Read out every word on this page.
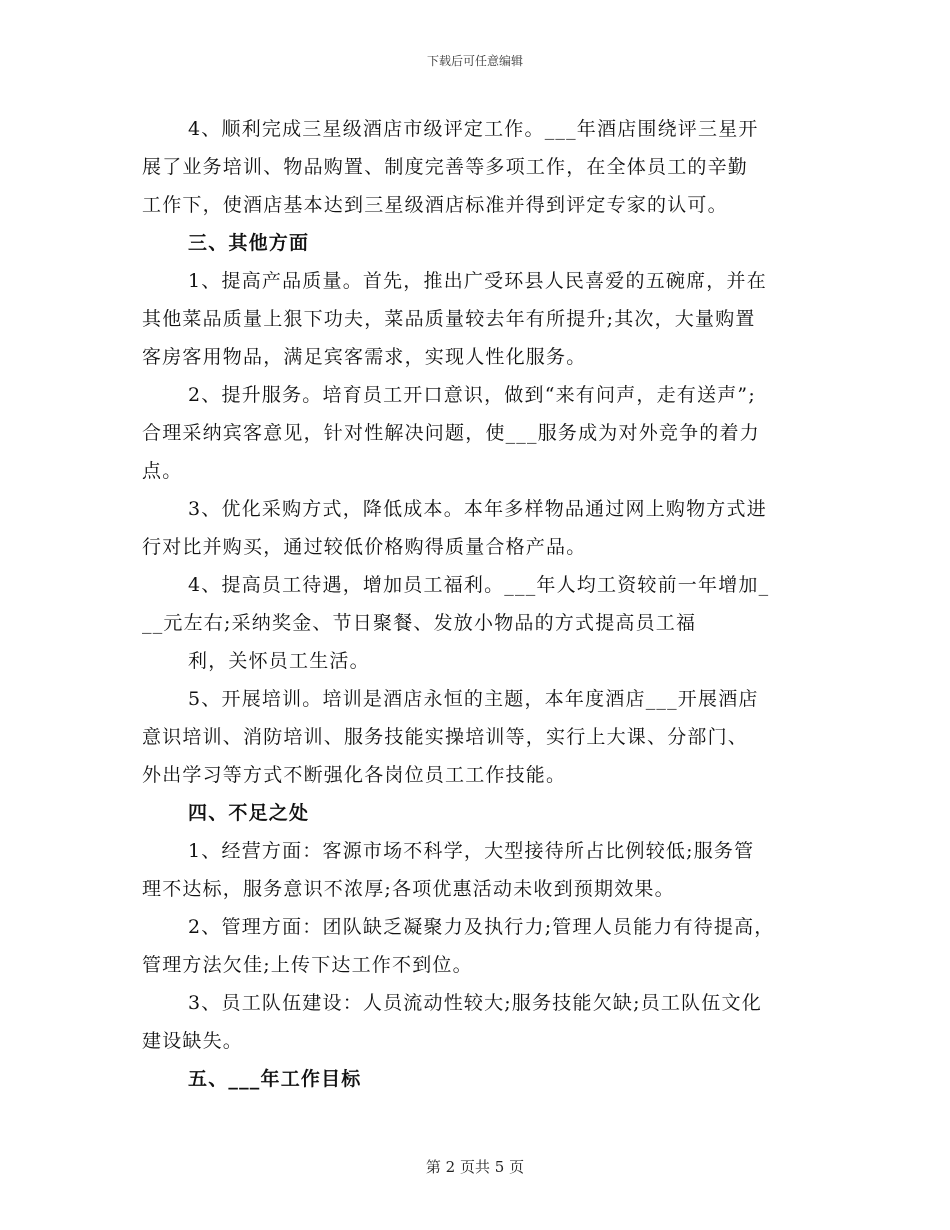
下载后可任意编辑
4、顺利完成三星级酒店市级评定工作。___年酒店围绕评三星开
展了业务培训、物品购置、制度完善等多项工作，在全体员工的辛勤
工作下，使酒店基本达到三星级酒店标准并得到评定专家的认可。
三、其他方面
1、提高产品质量。首先，推出广受环县人民喜爱的五碗席，并在
其他菜品质量上狠下功夫，菜品质量较去年有所提升;其次，大量购置
客房客用物品，满足宾客需求，实现人性化服务。
2、提升服务。培育员工开口意识，做到“来有问声，走有送声”;
合理采纳宾客意见，针对性解决问题，使___服务成为对外竞争的着力
点。
3、优化采购方式，降低成本。本年多样物品通过网上购物方式进
行对比并购买，通过较低价格购得质量合格产品。
4、提高员工待遇，增加员工福利。___年人均工资较前一年增加_
__元左右;采纳奖金、节日聚餐、发放小物品的方式提高员工福
利，关怀员工生活。
5、开展培训。培训是酒店永恒的主题，本年度酒店___开展酒店
意识培训、消防培训、服务技能实操培训等，实行上大课、分部门、
外出学习等方式不断强化各岗位员工工作技能。
四、不足之处
1、经营方面：客源市场不科学，大型接待所占比例较低;服务管
理不达标，服务意识不浓厚;各项优惠活动未收到预期效果。
2、管理方面：团队缺乏凝聚力及执行力;管理人员能力有待提高，
管理方法欠佳;上传下达工作不到位。
3、员工队伍建设：人员流动性较大;服务技能欠缺;员工队伍文化
建设缺失。
五、___年工作目标
第 2 页共 5 页
